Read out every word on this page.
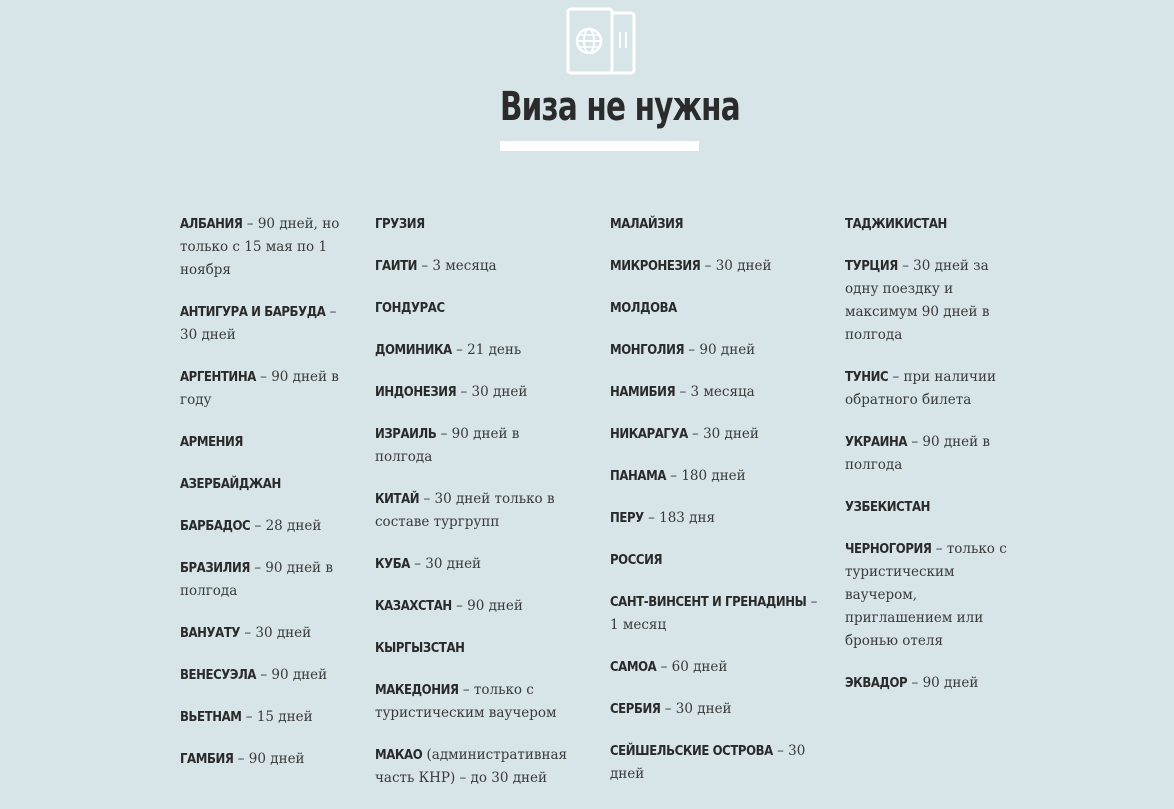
Виза не нужна
АЛБАНИЯ – 90 дней, но только с 15 мая по 1 ноября
АНТИГУРА И БАРБУДА – 30 дней
АРГЕНТИНА – 90 дней в году
АРМЕНИЯ
АЗЕРБАЙДЖАН
БАРБАДОС – 28 дней
БРАЗИЛИЯ – 90 дней в полгода
ВАНУАТУ – 30 дней
ВЕНЕСУЭЛА – 90 дней
ВЬЕТНАМ – 15 дней
ГАМБИЯ – 90 дней
ГРУЗИЯ
ГАИТИ – 3 месяца
ГОНДУРАС
ДОМИНИКА – 21 день
ИНДОНЕЗИЯ – 30 дней
ИЗРАИЛЬ – 90 дней в полгода
КИТАЙ – 30 дней только в составе тургрупп
КУБА – 30 дней
КАЗАХСТАН – 90 дней
КЫРГЫЗСТАН
МАКЕДОНИЯ – только с туристическим ваучером
МАКАО (административная часть КНР) – до 30 дней
МАЛАЙЗИЯ
МИКРОНЕЗИЯ – 30 дней
МОЛДОВА
МОНГОЛИЯ – 90 дней
НАМИБИЯ – 3 месяца
НИКАРАГУА – 30 дней
ПАНАМА – 180 дней
ПЕРУ – 183 дня
РОССИЯ
САНТ-ВИНСЕНТ И ГРЕНАДИНЫ – 1 месяц
САМОА – 60 дней
СЕРБИЯ – 30 дней
СЕЙШЕЛЬСКИЕ ОСТРОВА – 30 дней
ТАДЖИКИСТАН
ТУРЦИЯ – 30 дней за одну поездку и максимум 90 дней в полгода
ТУНИС – при наличии обратного билета
УКРАИНА – 90 дней в полгода
УЗБЕКИСТАН
ЧЕРНОГОРИЯ – только с туристическим ваучером, приглашением или бронью отеля
ЭКВАДОР – 90 дней
